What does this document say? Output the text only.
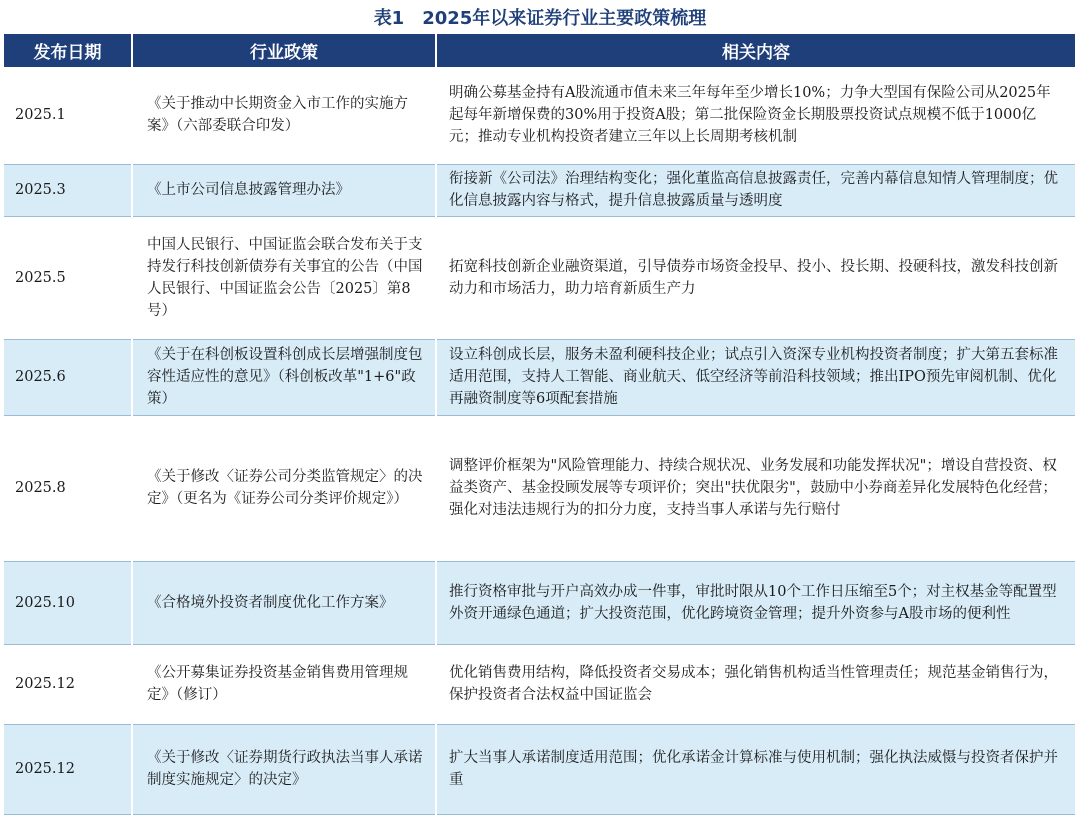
表1　2025年以来证券行业主要政策梳理
发布日期	行业政策	相关内容
2025.1	《关于推动中长期资金入市工作的实施方案》（六部委联合印发）	明确公募基金持有A股流通市值未来三年每年至少增长10%；力争大型国有保险公司从2025年起每年新增保费的30%用于投资A股；第二批保险资金长期股票投资试点规模不低于1000亿元；推动专业机构投资者建立三年以上长周期考核机制
2025.3	《上市公司信息披露管理办法》	衔接新《公司法》治理结构变化；强化董监高信息披露责任，完善内幕信息知情人管理制度；优化信息披露内容与格式，提升信息披露质量与透明度
2025.5	中国人民银行、中国证监会联合发布关于支持发行科技创新债券有关事宜的公告（中国人民银行、中国证监会公告〔2025〕第8号）	拓宽科技创新企业融资渠道，引导债券市场资金投早、投小、投长期、投硬科技，激发科技创新动力和市场活力，助力培育新质生产力
2025.6	《关于在科创板设置科创成长层增强制度包容性适应性的意见》（科创板改革"1+6"政策）	设立科创成长层，服务未盈利硬科技企业；试点引入资深专业机构投资者制度；扩大第五套标准适用范围，支持人工智能、商业航天、低空经济等前沿科技领域；推出IPO预先审阅机制、优化再融资制度等6项配套措施
2025.8	《关于修改〈证券公司分类监管规定〉的决定》（更名为《证券公司分类评价规定》）	调整评价框架为"风险管理能力、持续合规状况、业务发展和功能发挥状况"；增设自营投资、权益类资产、基金投顾发展等专项评价；突出"扶优限劣"，鼓励中小券商差异化发展特色化经营；强化对违法违规行为的扣分力度，支持当事人承诺与先行赔付
2025.10	《合格境外投资者制度优化工作方案》	推行资格审批与开户高效办成一件事，审批时限从10个工作日压缩至5个；对主权基金等配置型外资开通绿色通道；扩大投资范围，优化跨境资金管理；提升外资参与A股市场的便利性
2025.12	《公开募集证券投资基金销售费用管理规定》（修订）	优化销售费用结构，降低投资者交易成本；强化销售机构适当性管理责任；规范基金销售行为，保护投资者合法权益中国证监会
2025.12	《关于修改〈证券期货行政执法当事人承诺制度实施规定〉的决定》	扩大当事人承诺制度适用范围；优化承诺金计算标准与使用机制；强化执法威慑与投资者保护并重
